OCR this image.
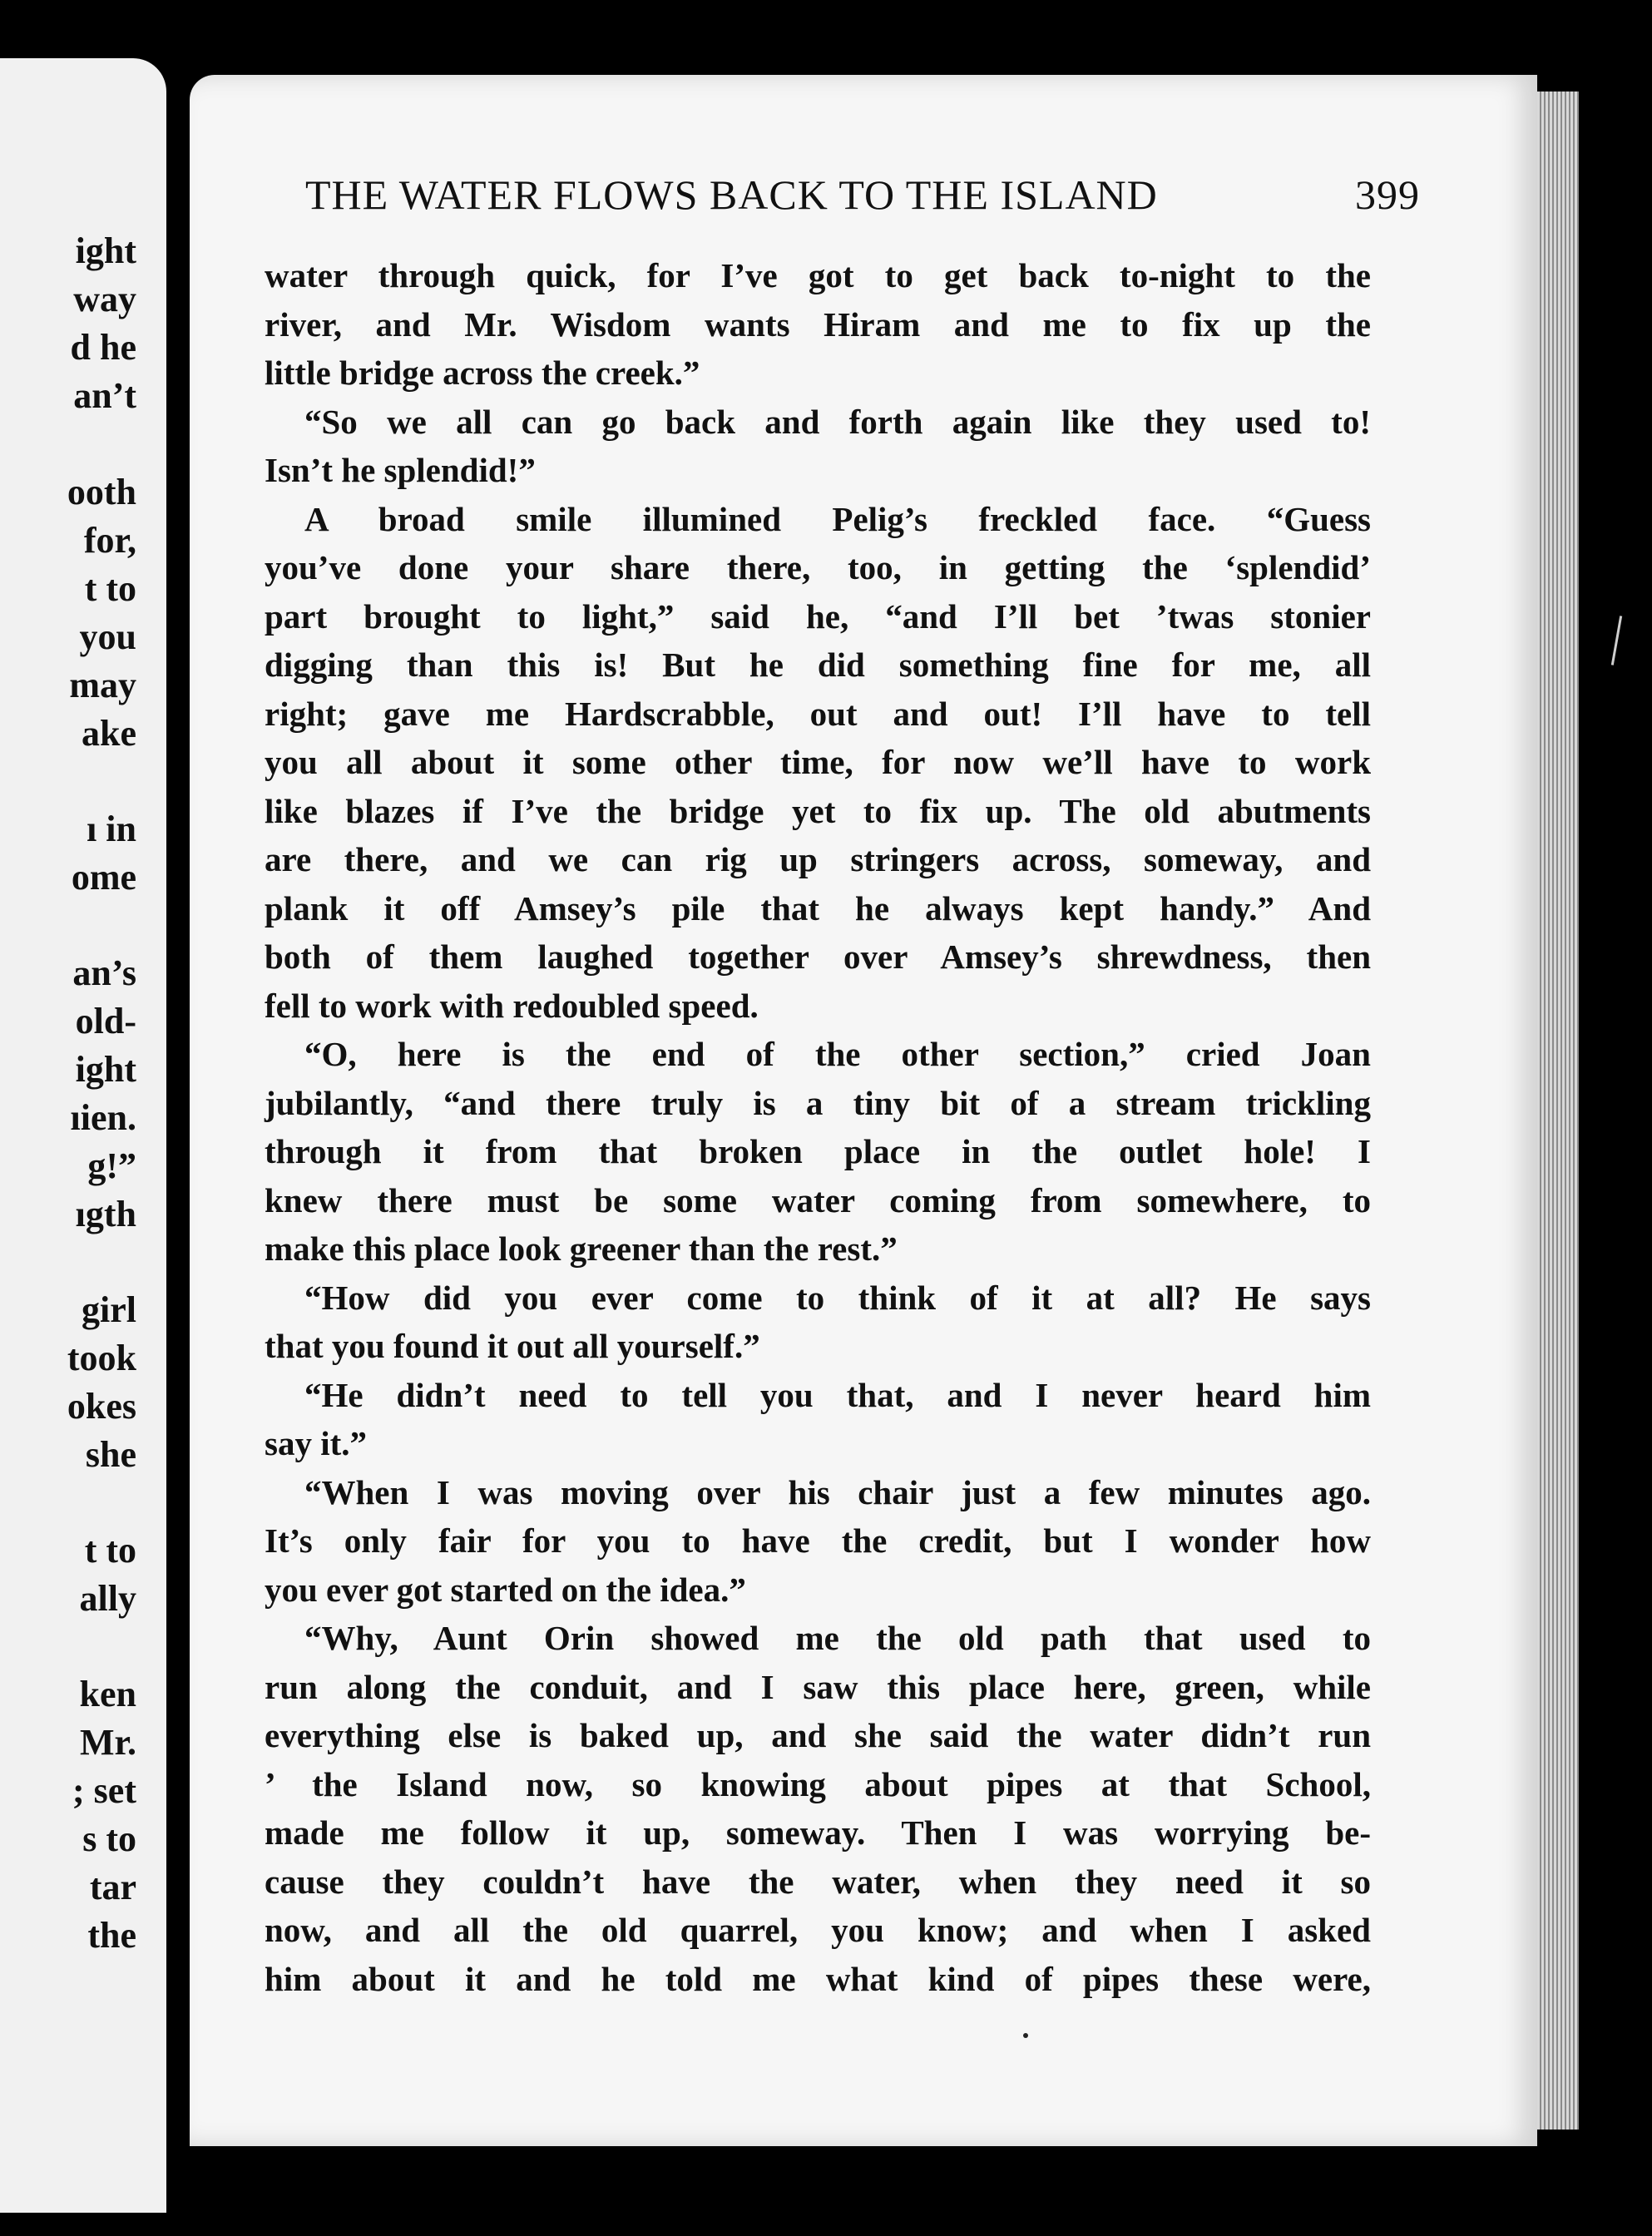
ight
way
d he
an’t
ooth
for,
t to
you
may
ake
ı in
ome
an’s
old-
ight
ıien.
g!”
ıgth
girl
took
okes
she
t to
ally
ken
Mr.
; set
s to
tar
the
THE WATER FLOWS BACK TO THE ISLAND	399
water through quick, for I’ve got to get back to-night to the
river, and Mr. Wisdom wants Hiram and me to fix up the
little bridge across the creek.”
“So we all can go back and forth again like they used to!
Isn’t he splendid!”
A broad smile illumined Pelig’s freckled face. “Guess
you’ve done your share there, too, in getting the ‘splendid’
part brought to light,” said he, “and I’ll bet ’twas stonier
digging than this is! But he did something fine for me, all
right; gave me Hardscrabble, out and out! I’ll have to tell
you all about it some other time, for now we’ll have to work
like blazes if I’ve the bridge yet to fix up. The old abutments
are there, and we can rig up stringers across, someway, and
plank it off Amsey’s pile that he always kept handy.” And
both of them laughed together over Amsey’s shrewdness, then
fell to work with redoubled speed.
“O, here is the end of the other section,” cried Joan
jubilantly, “and there truly is a tiny bit of a stream trickling
through it from that broken place in the outlet hole! I
knew there must be some water coming from somewhere, to
make this place look greener than the rest.”
“How did you ever come to think of it at all? He says
that you found it out all yourself.”
“He didn’t need to tell you that, and I never heard him
say it.”
“When I was moving over his chair just a few minutes ago.
It’s only fair for you to have the credit, but I wonder how
you ever got started on the idea.”
“Why, Aunt Orin showed me the old path that used to
run along the conduit, and I saw this place here, green, while
everything else is baked up, and she said the water didn’t run
’ the Island now, so knowing about pipes at that School,
made me follow it up, someway. Then I was worrying be-
cause they couldn’t have the water, when they need it so
now, and all the old quarrel, you know; and when I asked
him about it and he told me what kind of pipes these were,
